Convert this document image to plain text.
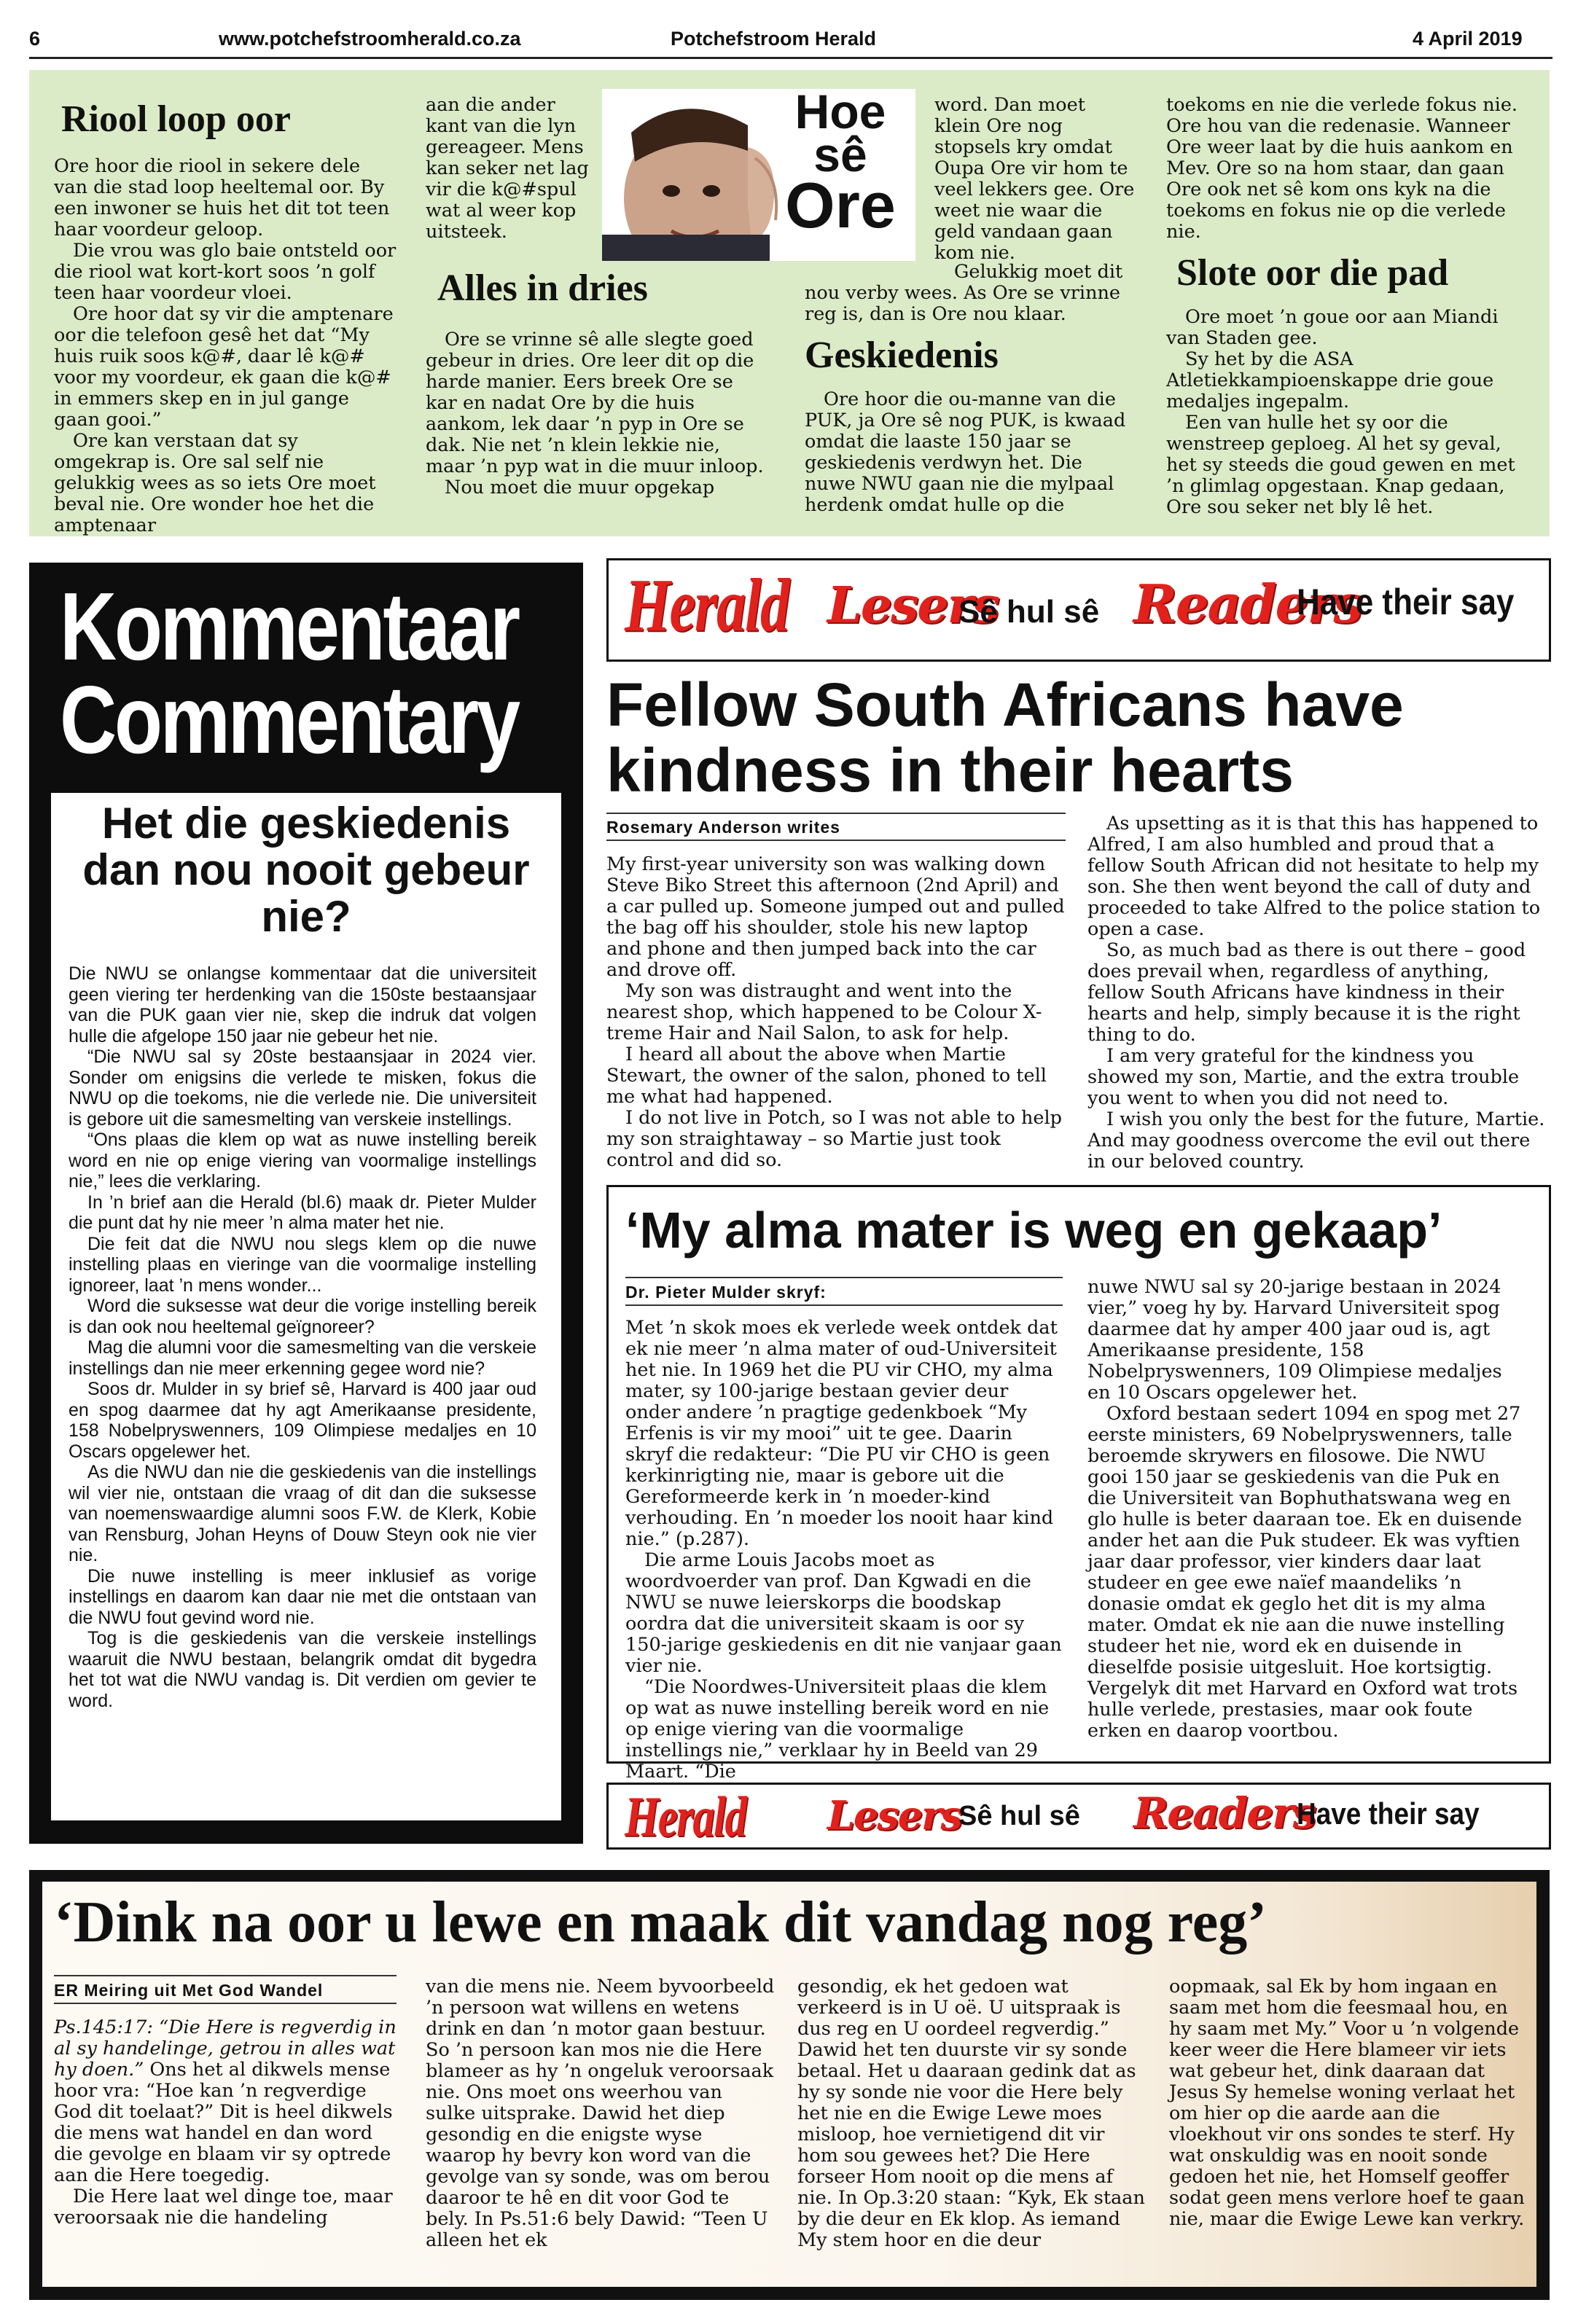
6	www.potchefstroomherald.co.za	Potchefstroom Herald	4 April 2019
Riool loop oor

Ore hoor die riool in sekere dele van die stad loop heeltemal oor. By een inwoner se huis het dit tot teen haar voordeur geloop.

Die vrou was glo baie ontsteld oor die riool wat kort-kort soos ’n golf teen haar voordeur vloei.

Ore hoor dat sy vir die amptenare oor die telefoon gesê het dat “My huis ruik soos k@#, daar lê k@# voor my voordeur, ek gaan die k@# in emmers skep en in jul gange gaan gooi.”

Ore kan verstaan dat sy omgekrap is. Ore sal self nie gelukkig wees as so iets Ore moet beval nie. Ore wonder hoe het die amptenaar

aan die ander kant van die lyn gereageer. Mens kan seker net lag vir die k@#spul wat al weer kop uitsteek.

Alles in dries

Ore se vrinne sê alle slegte goed gebeur in dries. Ore leer dit op die harde manier. Eers breek Ore se kar en nadat Ore by die huis aankom, lek daar ’n pyp in Ore se dak. Nie net ’n klein lekkie nie, maar ’n pyp wat in die muur inloop.

Nou moet die muur opgekap

Hoe
sê
Ore

word. Dan moet klein Ore nog stopsels kry omdat Oupa Ore vir hom te veel lekkers gee. Ore weet nie waar die geld vandaan gaan kom nie.

Gelukkig moet dit nou verby wees. As Ore se vrinne reg is, dan is Ore nou klaar.

Geskiedenis

Ore hoor die ou-manne van die PUK, ja Ore sê nog PUK, is kwaad omdat die laaste 150 jaar se geskiedenis verdwyn het. Die nuwe NWU gaan nie die mylpaal herdenk omdat hulle op die

toekoms en nie die verlede fokus nie. Ore hou van die redenasie. Wanneer Ore weer laat by die huis aankom en Mev. Ore so na hom staar, dan gaan Ore ook net sê kom ons kyk na die toekoms en fokus nie op die verlede nie.

Slote oor die pad

Ore moet ’n goue oor aan Miandi van Staden gee.

Sy het by die ASA Atletiekkampioenskappe drie goue medaljes ingepalm.

Een van hulle het sy oor die wenstreep geploeg. Al het sy geval, het sy steeds die goud gewen en met ’n glimlag opgestaan. Knap gedaan, Ore sou seker net bly lê het.

Kommentaar
Commentary
Het die geskiedenis dan nou nooit gebeur nie?

Die NWU se onlangse kommentaar dat die universiteit geen viering ter herdenking van die 150ste bestaansjaar van die PUK gaan vier nie, skep die indruk dat volgen hulle die afgelope 150 jaar nie gebeur het nie.

“Die NWU sal sy 20ste bestaansjaar in 2024 vier. Sonder om enigsins die verlede te misken, fokus die NWU op die toekoms, nie die verlede nie. Die universiteit is gebore uit die samesmelting van verskeie instellings.

“Ons plaas die klem op wat as nuwe instelling bereik word en nie op enige viering van voormalige instellings nie,” lees die verklaring.

In ’n brief aan die Herald (bl.6) maak dr. Pieter Mulder die punt dat hy nie meer ’n alma mater het nie.

Die feit dat die NWU nou slegs klem op die nuwe instelling plaas en vieringe van die voormalige instelling ignoreer, laat ’n mens wonder...

Word die suksesse wat deur die vorige instelling bereik is dan ook nou heeltemal geïgnoreer?

Mag die alumni voor die samesmelting van die verskeie instellings dan nie meer erkenning gegee word nie?

Soos dr. Mulder in sy brief sê, Harvard is 400 jaar oud en spog daarmee dat hy agt Amerikaanse presidente, 158 Nobelpryswenners, 109 Olimpiese medaljes en 10 Oscars opgelewer het.

As die NWU dan nie die geskiedenis van die instellings wil vier nie, ontstaan die vraag of dit dan die suksesse van noemenswaardige alumni soos F.W. de Klerk, Kobie van Rensburg, Johan Heyns of Douw Steyn ook nie vier nie.

Die nuwe instelling is meer inklusief as vorige instellings en daarom kan daar nie met die ontstaan van die NWU fout gevind word nie.

Tog is die geskiedenis van die verskeie instellings waaruit die NWU bestaan, belangrik omdat dit bygedra het tot wat die NWU vandag is. Dit verdien om gevier te word.

Herald Lesers
Sê hul sê Readers
Have their say
Fellow South Africans have kindness in their hearts
Rosemary Anderson writes

My first-year university son was walking down Steve Biko Street this afternoon (2nd April) and a car pulled up. Someone jumped out and pulled the bag off his shoulder, stole his new laptop and phone and then jumped back into the car and drove off.

My son was distraught and went into the nearest shop, which happened to be Colour X-treme Hair and Nail Salon, to ask for help.

I heard all about the above when Martie Stewart, the owner of the salon, phoned to tell me what had happened.

I do not live in Potch, so I was not able to help my son straightaway – so Martie just took control and did so.

As upsetting as it is that this has happened to Alfred, I am also humbled and proud that a fellow South African did not hesitate to help my son. She then went beyond the call of duty and proceeded to take Alfred to the police station to open a case.

So, as much bad as there is out there – good does prevail when, regardless of anything, fellow South Africans have kindness in their hearts and help, simply because it is the right thing to do.

I am very grateful for the kindness you showed my son, Martie, and the extra trouble you went to when you did not need to.

I wish you only the best for the future, Martie. And may goodness overcome the evil out there in our beloved country.

‘My alma mater is weg en gekaap’
Dr. Pieter Mulder skryf:

Met ’n skok moes ek verlede week ontdek dat ek nie meer ’n alma mater of oud-Universiteit het nie. In 1969 het die PU vir CHO, my alma mater, sy 100-jarige bestaan gevier deur onder andere ’n pragtige gedenkboek “My Erfenis is vir my mooi” uit te gee. Daarin skryf die redakteur: “Die PU vir CHO is geen kerkinrigting nie, maar is gebore uit die Gereformeerde kerk in ’n moeder-kind verhouding. En ’n moeder los nooit haar kind nie.” (p.287).

Die arme Louis Jacobs moet as woordvoerder van prof. Dan Kgwadi en die NWU se nuwe leierskorps die boodskap oordra dat die universiteit skaam is oor sy 150-jarige geskiedenis en dit nie vanjaar gaan vier nie.

“Die Noordwes-Universiteit plaas die klem op wat as nuwe instelling bereik word en nie op enige viering van die voormalige instellings nie,” verklaar hy in Beeld van 29 Maart. “Die

nuwe NWU sal sy 20-jarige bestaan in 2024 vier,” voeg hy by. Harvard Universiteit spog daarmee dat hy amper 400 jaar oud is, agt Amerikaanse presidente, 158 Nobelpryswenners, 109 Olimpiese medaljes en 10 Oscars opgelewer het.

Oxford bestaan sedert 1094 en spog met 27 eerste ministers, 69 Nobelpryswenners, talle beroemde skrywers en filosowe. Die NWU gooi 150 jaar se geskiedenis van die Puk en die Universiteit van Bophuthatswana weg en glo hulle is beter daaraan toe. Ek en duisende ander het aan die Puk studeer. Ek was vyftien jaar daar professor, vier kinders daar laat studeer en gee ewe naïef maandeliks ’n donasie omdat ek geglo het dit is my alma mater. Omdat ek nie aan die nuwe instelling studeer het nie, word ek en duisende in dieselfde posisie uitgesluit. Hoe kortsigtig. Vergelyk dit met Harvard en Oxford wat trots hulle verlede, prestasies, maar ook foute erken en daarop voortbou.

Herald Lesers
Sê hul sê Readers
Have their say
‘Dink na oor u lewe en maak dit vandag nog reg’
ER Meiring uit Met God Wandel

Ps.145:17: “Die Here is regverdig in al sy handelinge, getrou in alles wat hy doen.” Ons het al dikwels mense hoor vra: “Hoe kan ’n regverdige God dit toelaat?” Dit is heel dikwels die mens wat handel en dan word die gevolge en blaam vir sy optrede aan die Here toegedig.

Die Here laat wel dinge toe, maar veroorsaak nie die handeling

van die mens nie. Neem byvoorbeeld ’n persoon wat willens en wetens drink en dan ’n motor gaan bestuur. So ’n persoon kan mos nie die Here blameer as hy ’n ongeluk veroorsaak nie. Ons moet ons weerhou van sulke uitsprake. Dawid het diep gesondig en die enigste wyse waarop hy bevry kon word van die gevolge van sy sonde, was om berou daaroor te hê en dit voor God te bely. In Ps.51:6 bely Dawid: “Teen U alleen het ek

gesondig, ek het gedoen wat verkeerd is in U oë. U uitspraak is dus reg en U oordeel regverdig.” Dawid het ten duurste vir sy sonde betaal. Het u daaraan gedink dat as hy sy sonde nie voor die Here bely het nie en die Ewige Lewe moes misloop, hoe vernietigend dit vir hom sou gewees het? Die Here forseer Hom nooit op die mens af nie. In Op.3:20 staan: “Kyk, Ek staan by die deur en Ek klop. As iemand My stem hoor en die deur

oopmaak, sal Ek by hom ingaan en saam met hom die feesmaal hou, en hy saam met My.” Voor u ’n volgende keer weer die Here blameer vir iets wat gebeur het, dink daaraan dat Jesus Sy hemelse woning verlaat het om hier op die aarde aan die vloekhout vir ons sondes te sterf. Hy wat onskuldig was en nooit sonde gedoen het nie, het Homself geoffer sodat geen mens verlore hoef te gaan nie, maar die Ewige Lewe kan verkry.
